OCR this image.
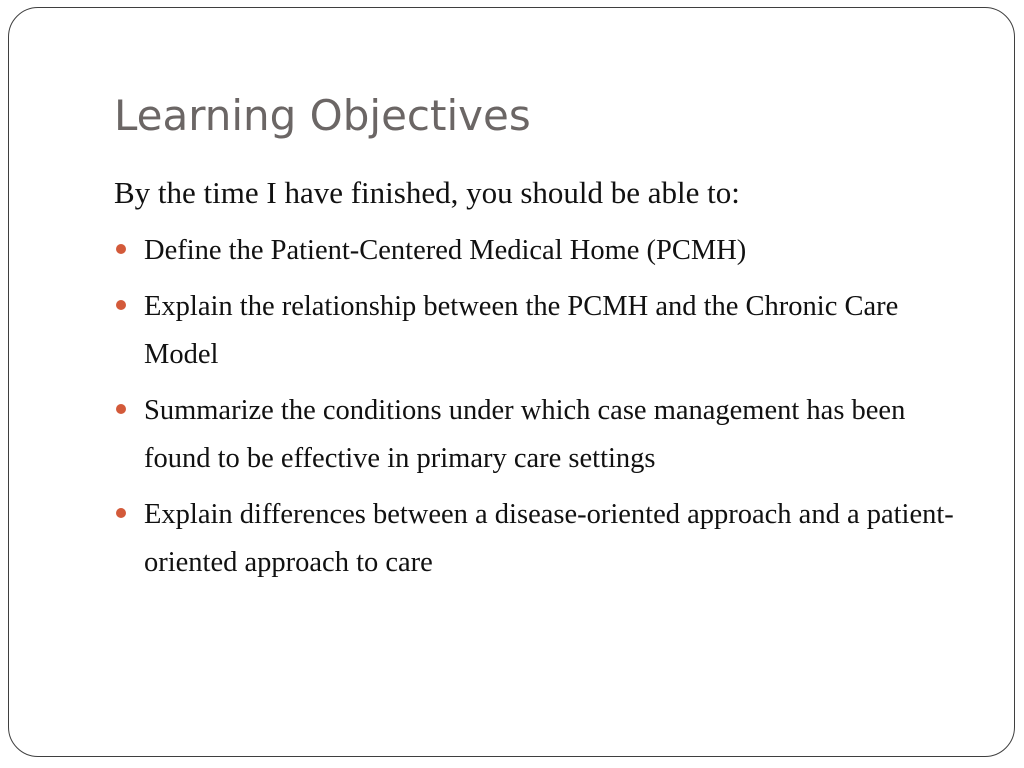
Learning Objectives

By the time I have finished, you should be able to:

Define the Patient-Centered Medical Home (PCMH)
Explain the relationship between the PCMH and the Chronic Care Model
Summarize the conditions under which case management has been found to be effective in primary care settings
Explain differences between a disease-oriented approach and a patient-oriented approach to care
